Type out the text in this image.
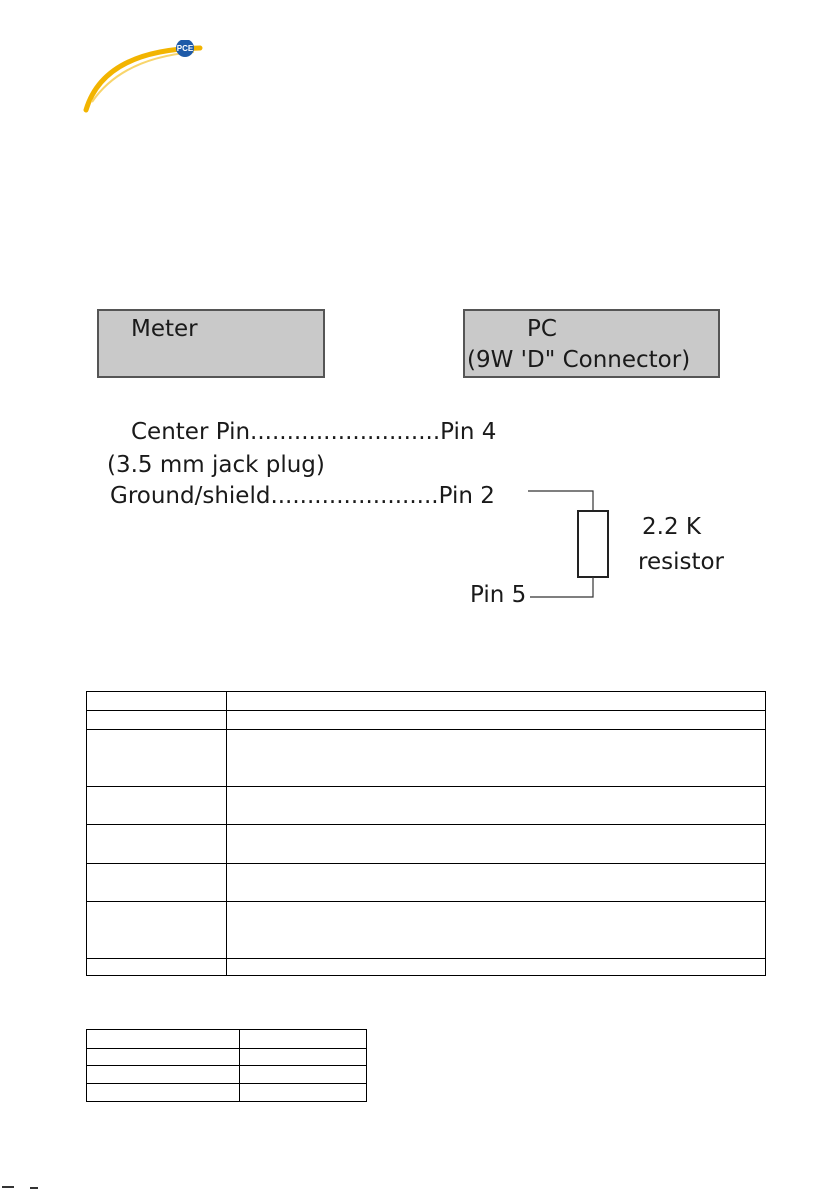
PCE
Meter	PC
(9W 'D" Connector)
Center Pin..........................Pin 4
(3.5 mm jack plug)
Ground/shield.......................Pin 2
Pin 5
2.2 K
resistor
